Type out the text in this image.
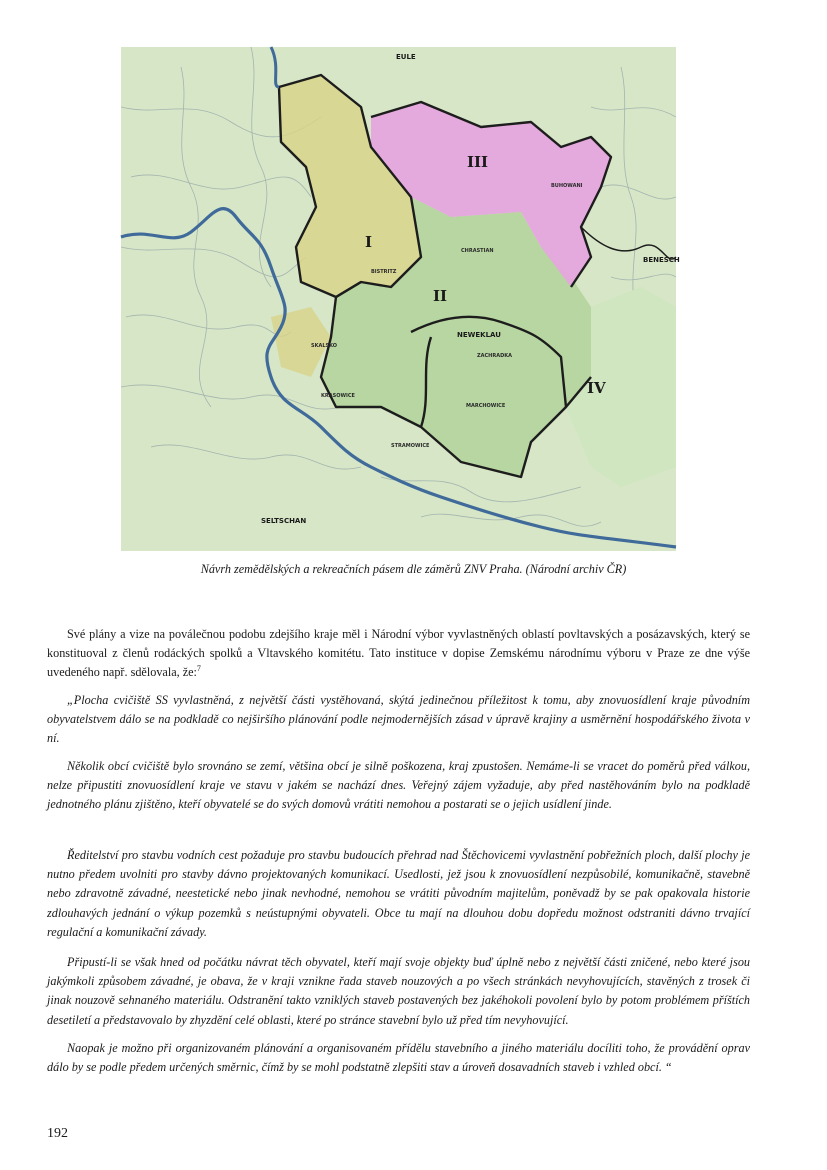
I
II
III
IV
NEWEKLAU
BENESCH
SELTSCHAN
EULE
BISTRITZ
ZACHRADKA
CHRASTIAN
KRASOWICE
BUHOWANI
SKALSKO
MARCHOWICE
STRAMOWICE
Návrh zemědělských a rekreačních pásem dle záměrů ZNV Praha. (Národní archiv ČR)

Své plány a vize na poválečnou podobu zdejšího kraje měl i Národní výbor vyvlastněných oblastí povltavských a posázavských, který se konstituoval z členů rodáckých spolků a Vltavského komitétu. Tato instituce v dopise Zemskému národnímu výboru v Praze ze dne výše uvedeného např. sdělovala, že:$^7$

„Plocha cvičiště SS vyvlastněná, z největší části vystěhovaná, skýtá jedinečnou příležitost k tomu, aby znovuosídlení kraje původním obyvatelstvem dálo se na podkladě co nejširšího plánování podle nejmodernějších zásad v úpravě krajiny a usměrnění hospodářského života v ní.

Několik obcí cvičiště bylo srovnáno se zemí, většina obcí je silně poškozena, kraj zpustošen. Nemáme-li se vracet do poměrů před válkou, nelze připustiti znovuosídlení kraje ve stavu v jakém se nachází dnes. Veřejný zájem vyžaduje, aby před nastěhováním bylo na podkladě jednotného plánu zjištěno, kteří obyvatelé se do svých domovů vrátiti nemohou a postarati se o jejich usídlení jinde.

Ředitelství pro stavbu vodních cest požaduje pro stavbu budoucích přehrad nad Štěchovicemi vyvlastnění pobřežních ploch, další plochy je nutno předem uvolniti pro stavby dávno projektovaných komunikací. Usedlosti, jež jsou k znovuosídlení nezpůsobilé, komunikačně, stavebně nebo zdravotně závadné, neestetické nebo jinak nevhodné, nemohou se vrátiti původním majitelům, poněvadž by se pak opakovala historie zdlouhavých jednání o výkup pozemků s neústupnými obyvateli. Obce tu mají na dlouhou dobu dopředu možnost odstraniti dávno trvající regulační a komunikační závady.

Připustí-li se však hned od počátku návrat těch obyvatel, kteří mají svoje objekty buď úplně nebo z největší části zničené, nebo které jsou jakýmkoli způsobem závadné, je obava, že v kraji vznikne řada staveb nouzových a po všech stránkách nevyhovujících, stavěných z trosek či jinak nouzově sehnaného materiálu. Odstranění takto vzniklých staveb postavených bez jakéhokoli povolení bylo by potom problémem příštích desetiletí a představovalo by zhyzdění celé oblasti, které po stránce stavební bylo už před tím nevyhovující.

Naopak je možno při organizovaném plánování a organisovaném přídělu stavebního a jiného materiálu docíliti toho, že provádění oprav dálo by se podle předem určených směrnic, čímž by se mohl podstatně zlepšiti stav a úroveň dosavadních staveb i vzhled obcí. “

192
